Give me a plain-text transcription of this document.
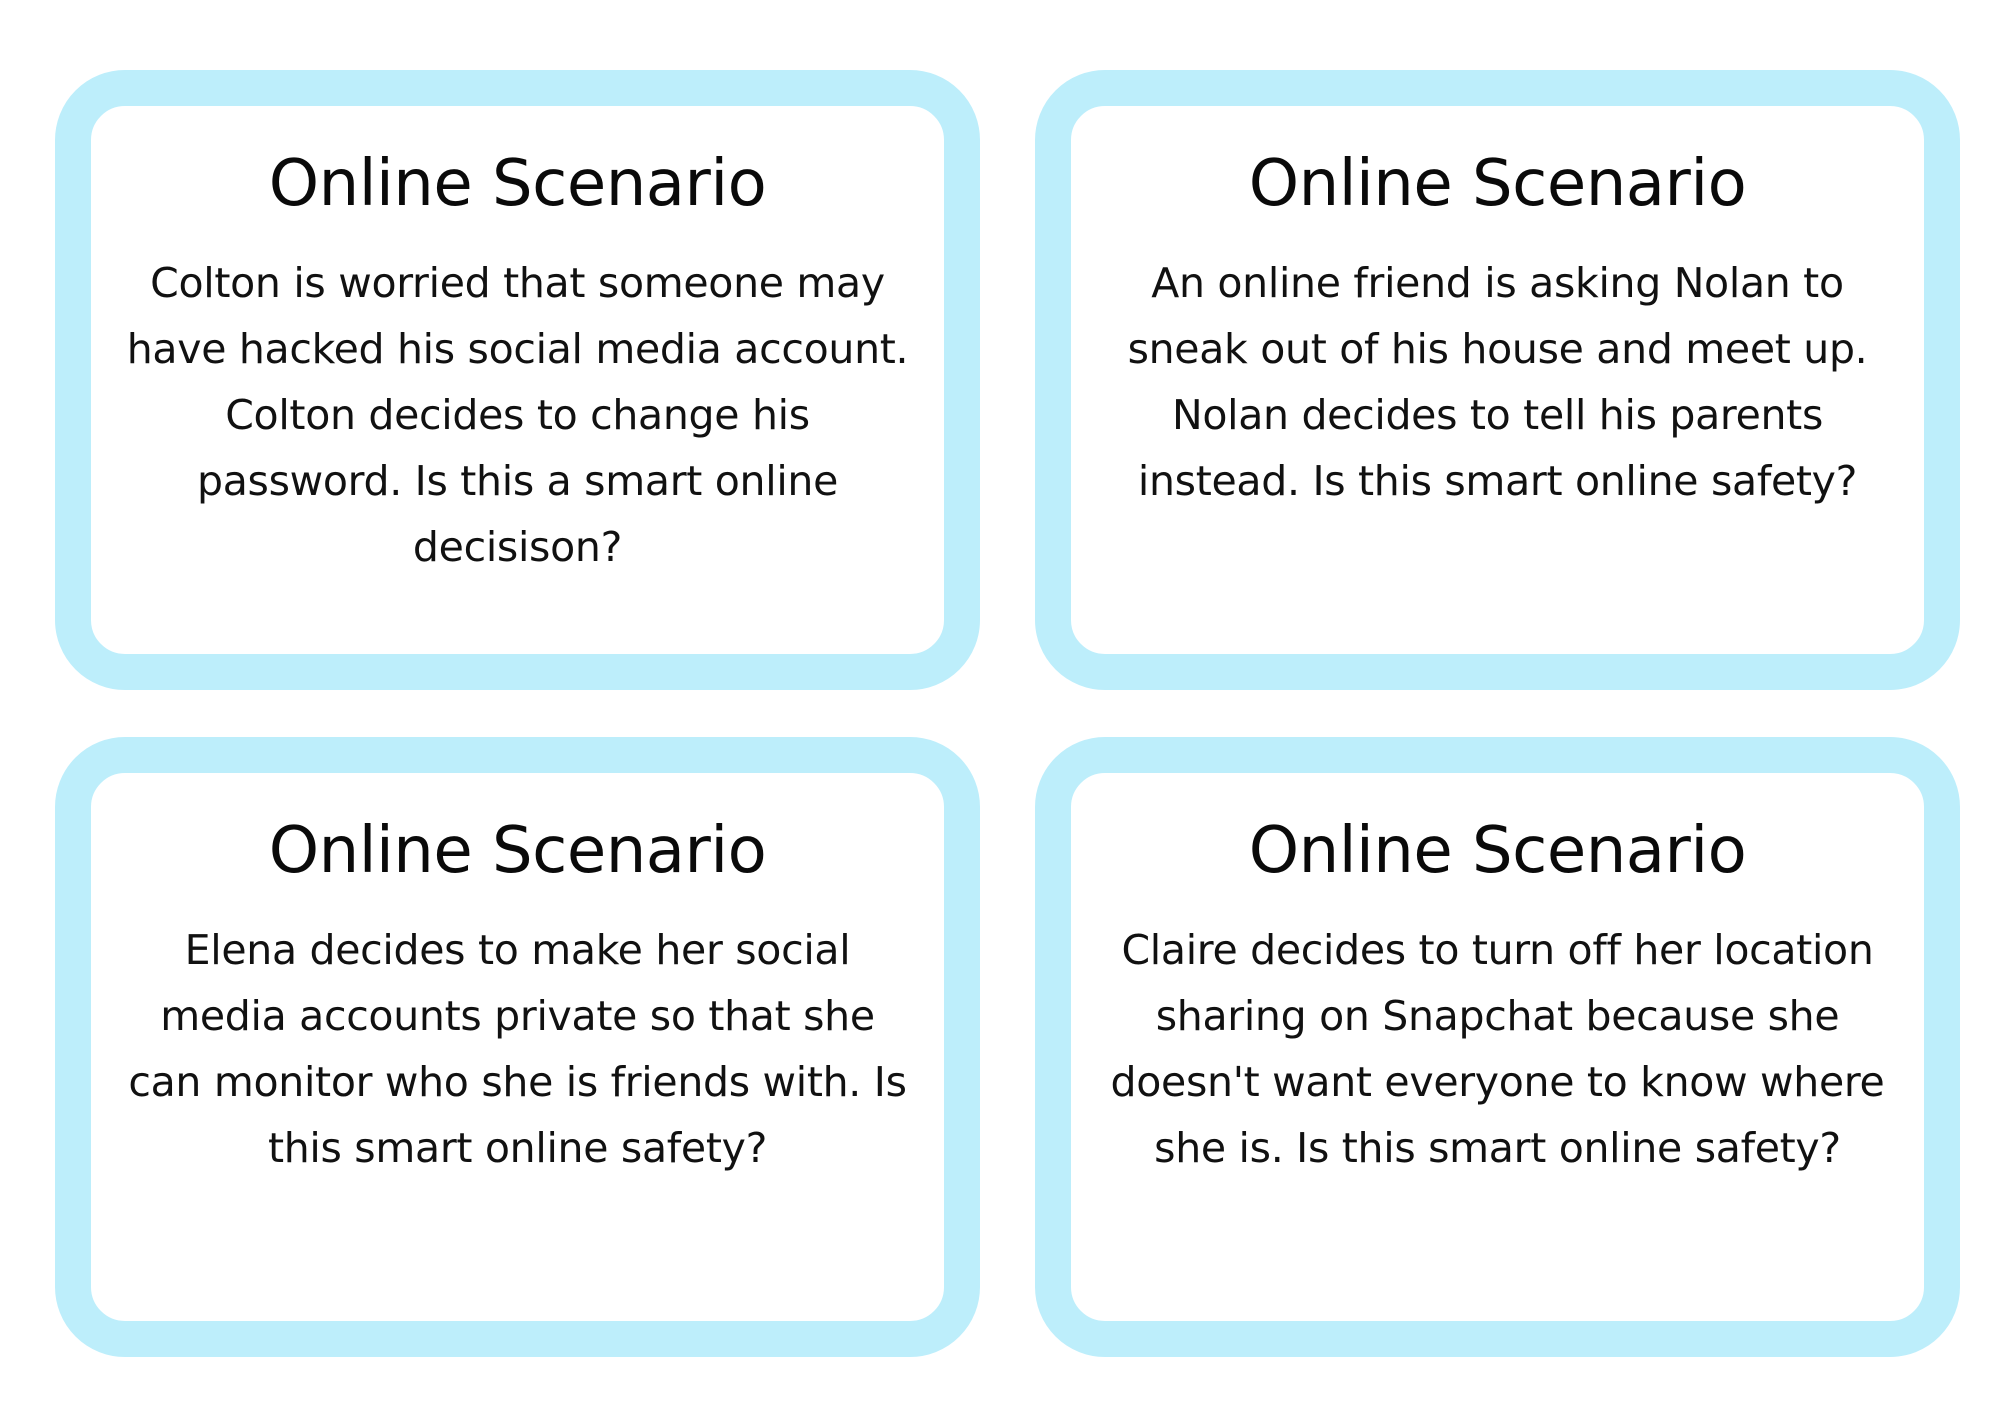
Online Scenario
Colton is worried that someone may have hacked his social media account. Colton decides to change his password. Is this a smart online decisison?
Online Scenario
An online friend is asking Nolan to sneak out of his house and meet up. Nolan decides to tell his parents instead. Is this smart online safety?
Online Scenario
Elena decides to make her social media accounts private so that she can monitor who she is friends with. Is this smart online safety?
Online Scenario
Claire decides to turn off her location sharing on Snapchat because she doesn't want everyone to know where she is. Is this smart online safety?
